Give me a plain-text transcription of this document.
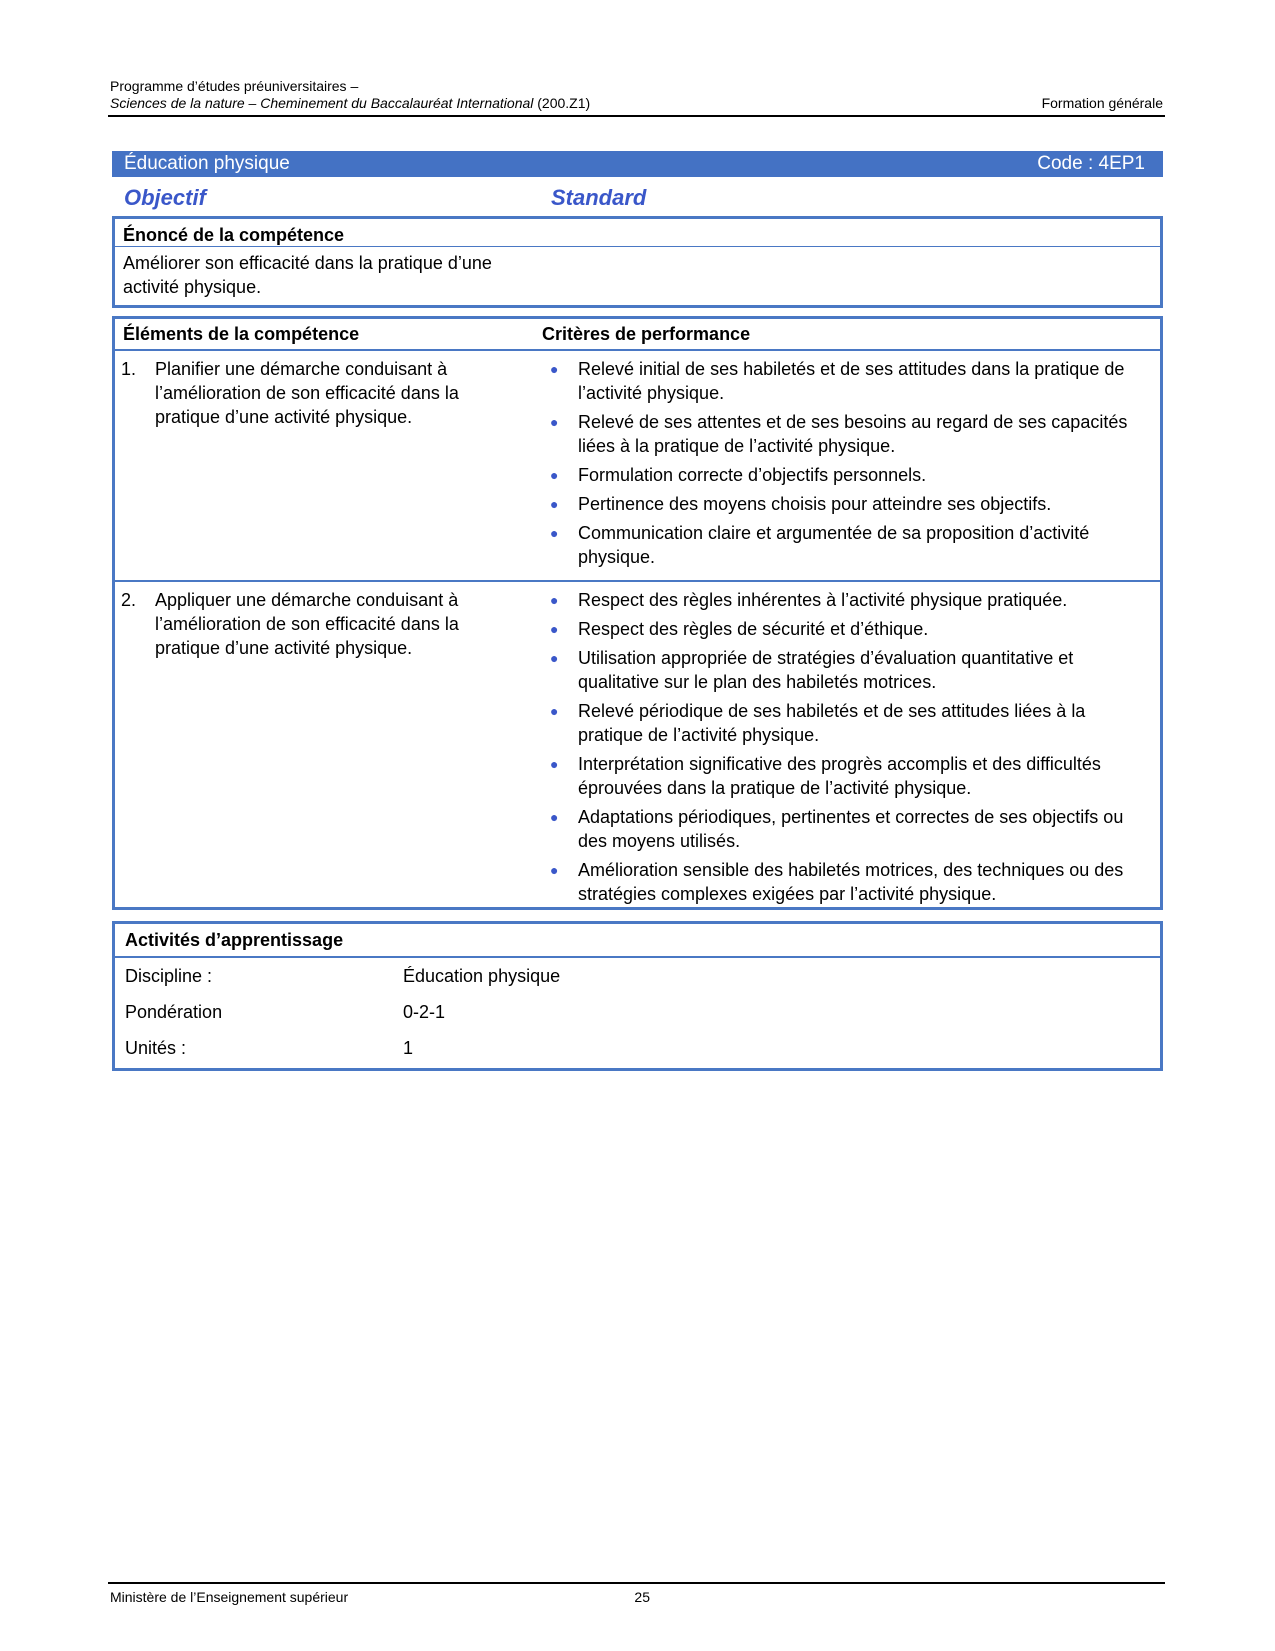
Programme d’études préuniversitaires –
Sciences de la nature – Cheminement du Baccalauréat International (200.Z1)	Formation générale
Éducation physique	Code : 4EP1
Objectif	Standard
Énoncé de la compétence
Améliorer son efficacité dans la pratique d’une activité physique.
Éléments de la compétence	Critères de performance
1.	Planifier une démarche conduisant à l’amélioration de son efficacité dans la pratique d’une activité physique.
●	Relevé initial de ses habiletés et de ses attitudes dans la pratique de l’activité physique.
●	Relevé de ses attentes et de ses besoins au regard de ses capacités liées à la pratique de l’activité physique.
●	Formulation correcte d’objectifs personnels.
●	Pertinence des moyens choisis pour atteindre ses objectifs.
●	Communication claire et argumentée de sa proposition d’activité physique.
2.	Appliquer une démarche conduisant à l’amélioration de son efficacité dans la pratique d’une activité physique.
●	Respect des règles inhérentes à l’activité physique pratiquée.
●	Respect des règles de sécurité et d’éthique.
●	Utilisation appropriée de stratégies d’évaluation quantitative et qualitative sur le plan des habiletés motrices.
●	Relevé périodique de ses habiletés et de ses attitudes liées à la pratique de l’activité physique.
●	Interprétation significative des progrès accomplis et des difficultés éprouvées dans la pratique de l’activité physique.
●	Adaptations périodiques, pertinentes et correctes de ses objectifs ou des moyens utilisés.
●	Amélioration sensible des habiletés motrices, des techniques ou des stratégies complexes exigées par l’activité physique.
Activités d’apprentissage
Discipline :	Éducation physique
Pondération	0-2-1
Unités :	1
Ministère de l’Enseignement supérieur	25
